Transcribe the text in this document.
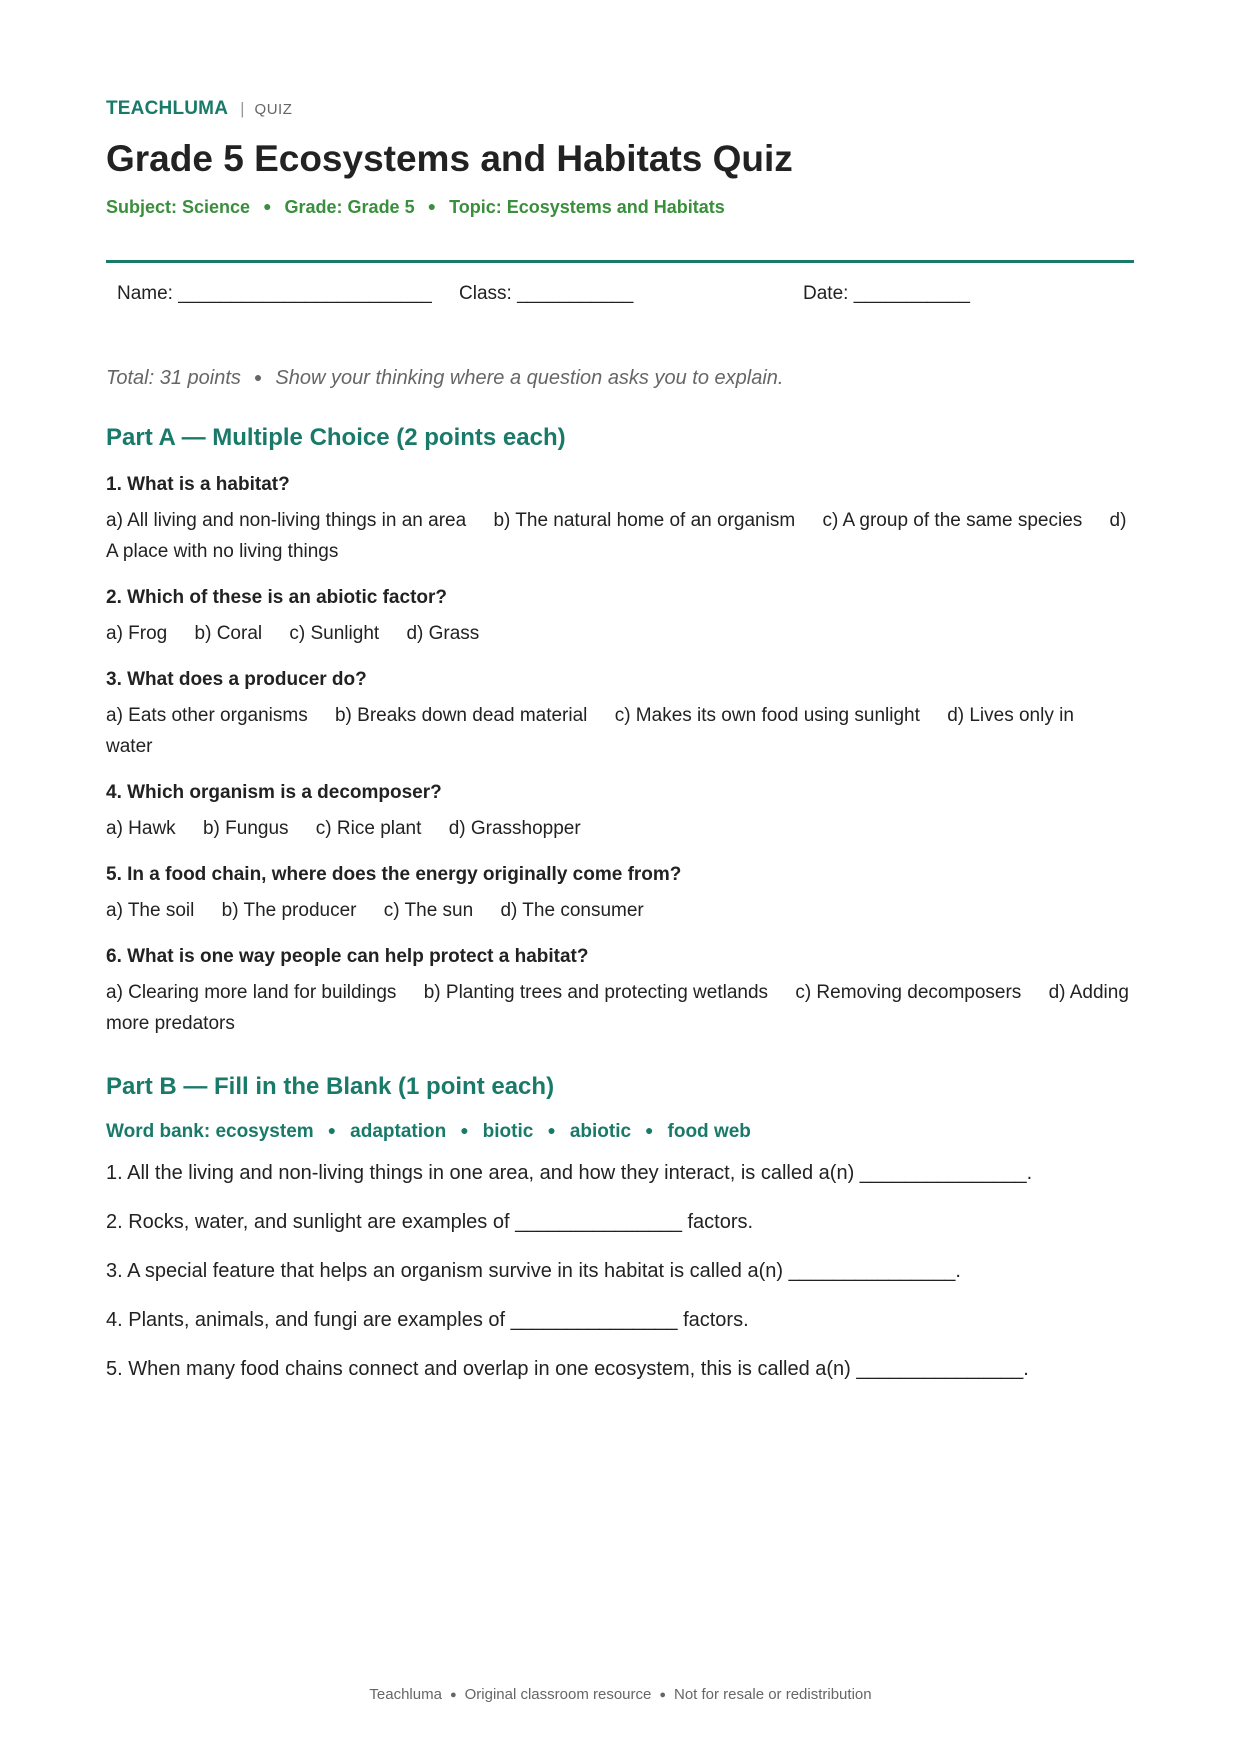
TEACHLUMA | QUIZ
Grade 5 Ecosystems and Habitats Quiz
Subject: Science ● Grade: Grade 5 ● Topic: Ecosystems and Habitats
Name: ________________________ Class: ___________	Date: ___________
Total: 31 points ● Show your thinking where a question asks you to explain.
Part A — Multiple Choice (2 points each)
1. What is a habitat?
a) All living and non-living things in an area b) The natural home of an organism c) A group of the same species d) A place with no living things
2. Which of these is an abiotic factor?
a) Frog b) Coral c) Sunlight d) Grass
3. What does a producer do?
a) Eats other organisms b) Breaks down dead material c) Makes its own food using sunlight d) Lives only in water
4. Which organism is a decomposer?
a) Hawk b) Fungus c) Rice plant d) Grasshopper
5. In a food chain, where does the energy originally come from?
a) The soil b) The producer c) The sun d) The consumer
6. What is one way people can help protect a habitat?
a) Clearing more land for buildings b) Planting trees and protecting wetlands c) Removing decomposers d) Adding more predators
Part B — Fill in the Blank (1 point each)
Word bank: ecosystem ● adaptation ● biotic ● abiotic ● food web
1. All the living and non-living things in one area, and how they interact, is called a(n) _______________.
2. Rocks, water, and sunlight are examples of _______________ factors.
3. A special feature that helps an organism survive in its habitat is called a(n) _______________.
4. Plants, animals, and fungi are examples of _______________ factors.
5. When many food chains connect and overlap in one ecosystem, this is called a(n) _______________.
Teachluma ● Original classroom resource ● Not for resale or redistribution
